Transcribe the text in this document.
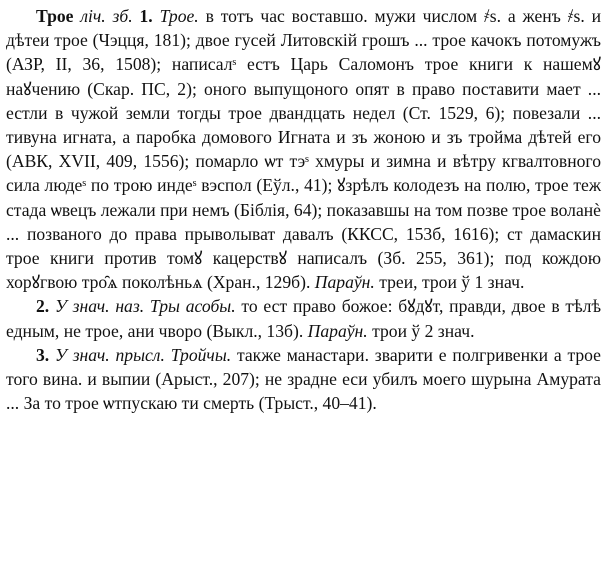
Трое ліч. зб. 1. Трое. в тотъ час воставшо. мужи числом ҂ѕ. а женъ ҂ѕ. и дѣтеи трое (Чэцця, 181); двое гусей Литовскій грошъ ... трое качокъ потомужъ (АЗР, II, 36, 1508); написалˢ естъ Царь Саломонъ трое книги к нашемꙋ наꙋчению (Скар. ПС, 2); оного выпущоного опят в право поставити мает ... естли в чужой земли тогды трое двандцать недел (Ст. 1529, 6); повезали ... тивуна игната, а паробка домового Игната и зъ жоною и зъ тройма дѣтей его (АВК, XVII, 409, 1556); помарло ѡт тэˢ хмуры и зимна и вѣтру кгвалтовного сила людеˢ по трою индеˢ вэспол (Еўл., 41); ꙋзрѣлъ колодезъ на полю, трое теж стада ѡвецъ лежали при немъ (Біблія, 64); показавшы на том позве трое воланѐ ... позваного до права прыволыват давалъ (ККСС, 153б, 1616); ст дамаскин трое книги против томꙋ кацерствꙋ написалъ (Зб. 255, 361); под кождою хорꙋгвою тро̑ѧ поколѣньѧ (Хран., 129б). Параўн. треи, трои ў 1 знач.

2. У знач. наз. Тры асобы. то ест право божое: бꙋдꙋт, правди, двое в тѣлѣ едным, не трое, ани чворо (Выкл., 13б). Параўн. трои ў 2 знач.

3. У знач. прысл. Тройчы. также манастари. зварити е полгривенки а трое того вина. и выпии (Арыст., 207); не зрадне еси убилъ моего шурына Амурата ... За то трое ѡтпускаю ти смерть (Трыст., 40–41).
